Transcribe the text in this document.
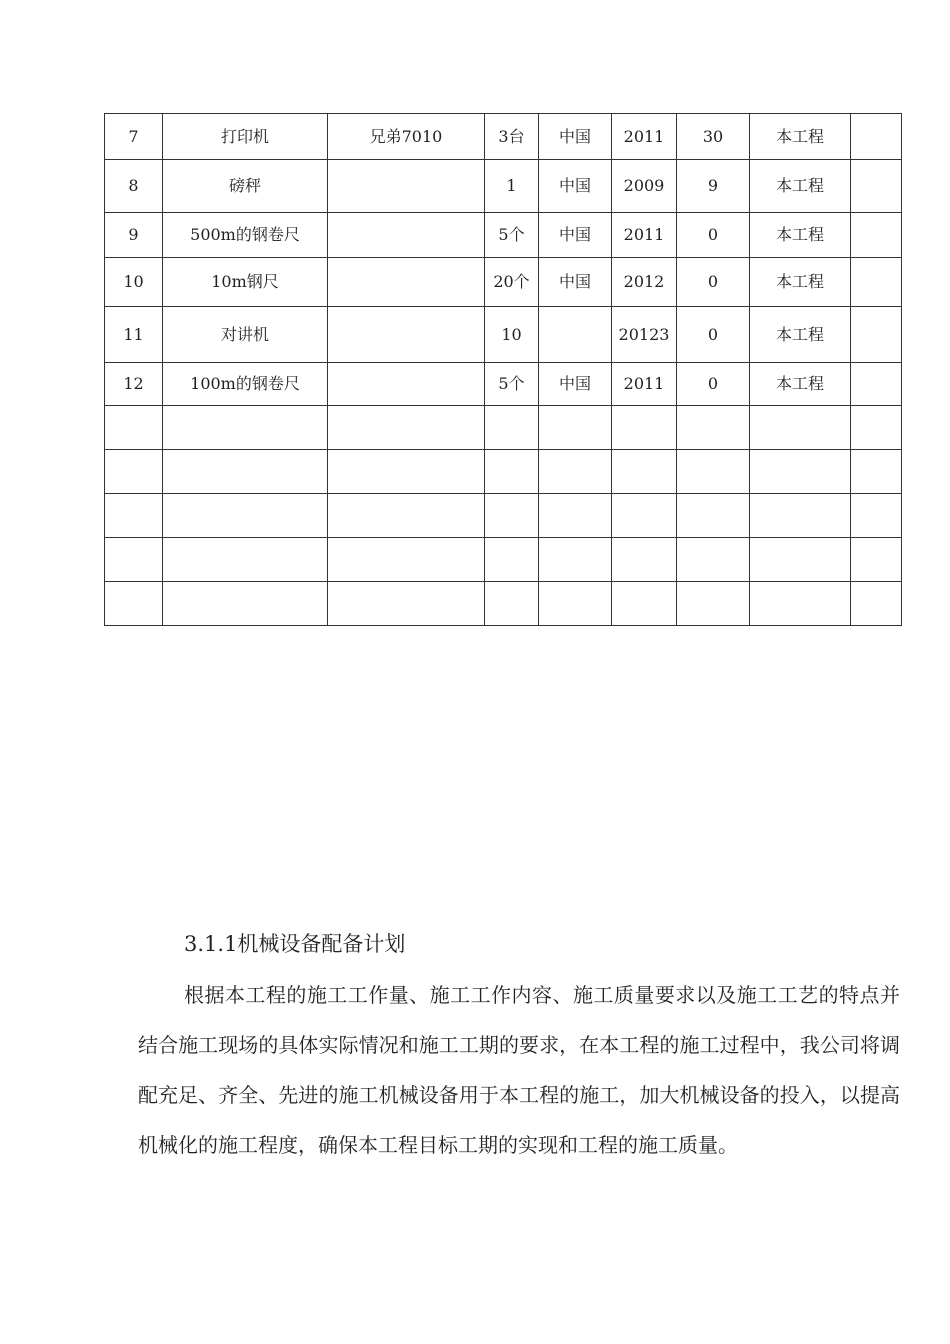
7	打印机	兄弟7010	3台	中国	2011	30	本工程	
8	磅秤		1	中国	2009	9	本工程	
9	500m的钢卷尺		5个	中国	2011	0	本工程	
10	10m钢尺		20个	中国	2012	0	本工程	
11	对讲机		10		20123	0	本工程	
12	100m的钢卷尺		5个	中国	2011	0	本工程	

3.1.1机械设备配备计划

根据本工程的施工工作量、施工工作内容、施工质量要求以及施工工艺的特点并结合施工现场的具体实际情况和施工工期的要求，在本工程的施工过程中，我公司将调配充足、齐全、先进的施工机械设备用于本工程的施工，加大机械设备的投入，以提高机械化的施工程度，确保本工程目标工期的实现和工程的施工质量。
